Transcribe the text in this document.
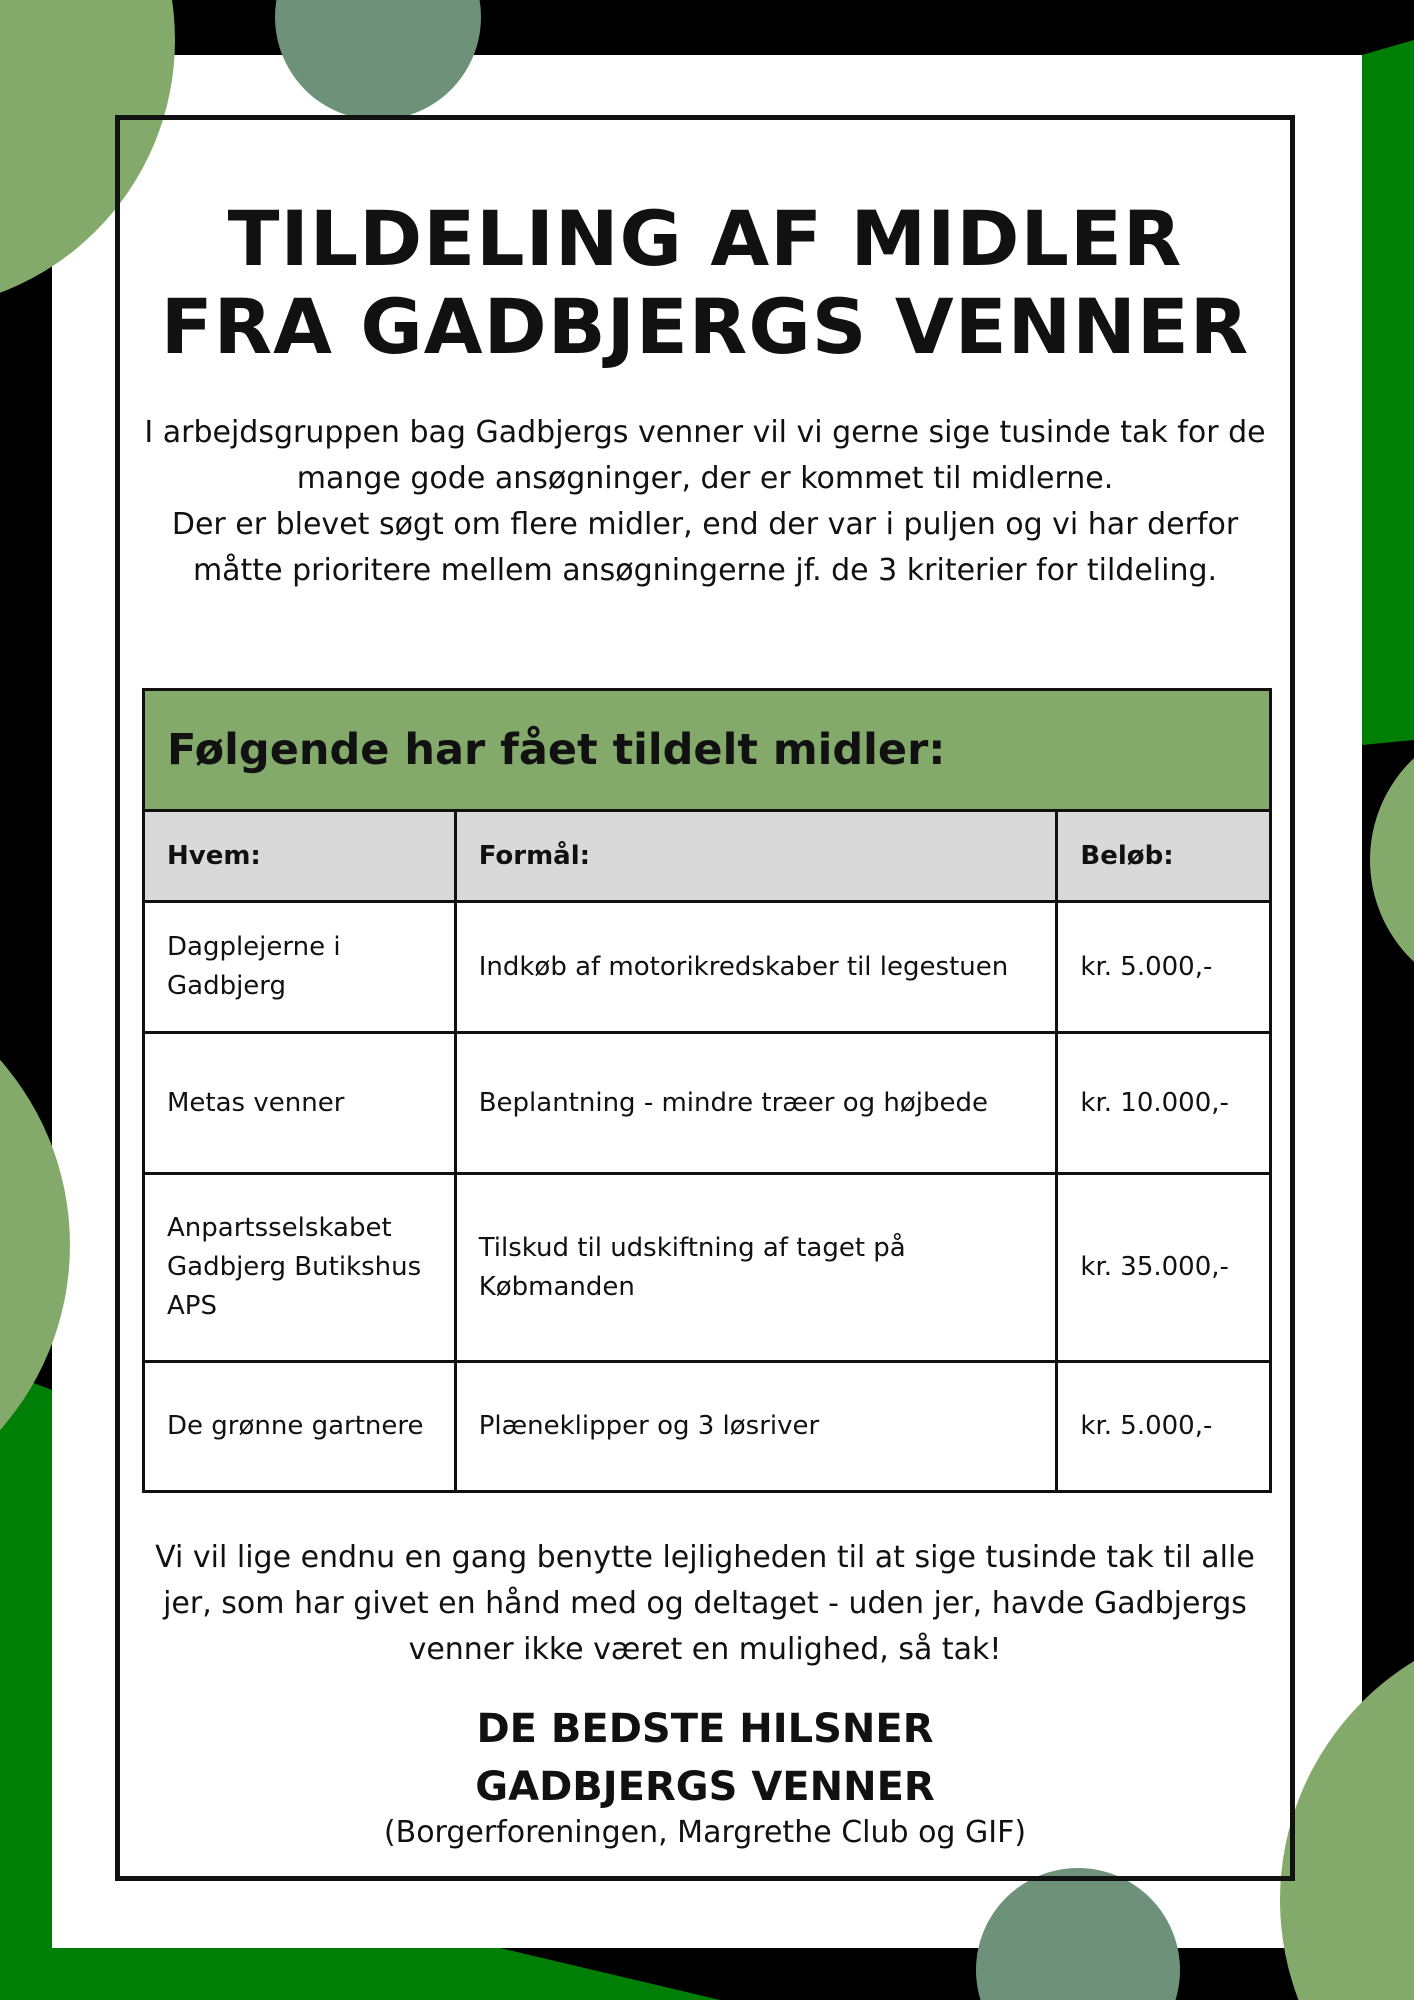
TILDELING AF MIDLER
FRA GADBJERGS VENNER

I arbejdsgruppen bag Gadbjergs venner vil vi gerne sige tusinde tak for de mange gode ansøgninger, der er kommet til midlerne.

Der er blevet søgt om flere midler, end der var i puljen og vi har derfor måtte prioritere mellem ansøgningerne jf. de 3 kriterier for tildeling.

Følgende har fået tildelt midler:		
Hvem:	Formål:	Beløb:
Dagplejerne i Gadbjerg	Indkøb af motorikredskaber til legestuen	kr. 5.000,-
Metas venner	Beplantning - mindre træer og højbede	kr. 10.000,-
Anpartsselskabet Gadbjerg Butikshus APS	Tilskud til udskiftning af taget på Købmanden	kr. 35.000,-
De grønne gartnere	Plæneklipper og 3 løsriver	kr. 5.000,-

Vi vil lige endnu en gang benytte lejligheden til at sige tusinde tak til alle jer, som har givet en hånd med og deltaget - uden jer, havde Gadbjergs venner ikke været en mulighed, så tak!

DE BEDSTE HILSNER
GADBJERGS VENNER
(Borgerforeningen, Margrethe Club og GIF)
